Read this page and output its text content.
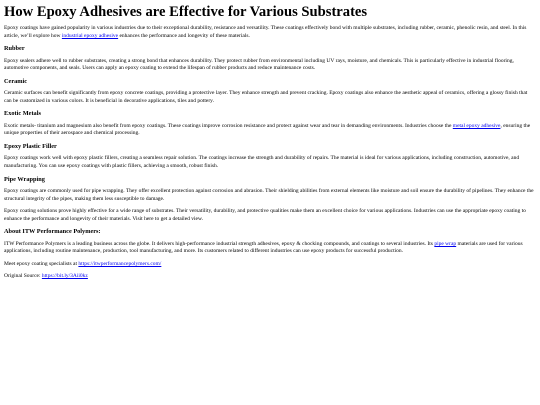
How Epoxy Adhesives are Effective for Various Substrates

Epoxy coatings have gained popularity in various industries due to their exceptional durability, resistance and versatility. These coatings effectively bond with multiple substrates, including rubber, ceramic, phenolic resin, and steel. In this article, we’ll explore how industrial epoxy adhesive enhances the performance and longevity of these materials.

Rubber

Epoxy sealers adhere well to rubber substrates, creating a strong bond that enhances durability. They protect rubber from environmental including UV rays, moisture, and chemicals. This is particularly effective in industrial flooring, automotive components, and seals. Users can apply an epoxy coating to extend the lifespan of rubber products and reduce maintenance costs.

Ceramic

Ceramic surfaces can benefit significantly from epoxy concrete coatings, providing a protective layer. They enhance strength and prevent cracking. Epoxy coatings also enhance the aesthetic appeal of ceramics, offering a glossy finish that can be customized in various colors. It is beneficial in decorative applications, tiles and pottery.

Exotic Metals

Exotic metals- titanium and magnesium also benefit from epoxy coatings. These coatings improve corrosion resistance and protect against wear and tear in demanding environments. Industries choose the metal epoxy adhesive, ensuring the unique properties of their aerospace and chemical processing.

Epoxy Plastic Filler

Epoxy coatings work well with epoxy plastic fillers, creating a seamless repair solution. The coatings increase the strength and durability of repairs. The material is ideal for various applications, including construction, automotive, and manufacturing. You can use epoxy coatings with plastic fillers, achieving a smooth, robust finish.

Pipe Wrapping

Epoxy coatings are commonly used for pipe wrapping. They offer excellent protection against corrosion and abrasion. Their shielding abilities from external elements like moisture and soil ensure the durability of pipelines. They enhance the structural integrity of the pipes, making them less susceptible to damage.

Epoxy coating solutions prove highly effective for a wide range of substrates. Their versatility, durability, and protective qualities make them an excellent choice for various applications. Industries can use the appropriate epoxy coating to enhance the performance and longevity of their materials. Visit here to get a detailed view.

About ITW Performance Polymers:

ITW Performance Polymers is a leading business across the globe. It delivers high-performance industrial strength adhesives, epoxy & chocking compounds, and coatings to several industries. Its pipe wrap materials are used for various applications, including routine maintenance, production, tool manufacturing, and more. Its customers related to different industries can use epoxy products for successful production.

Meet epoxy coating specialists at https://itwperformancepolymers.com/

Original Source: https://bit.ly/3Aii0kz
